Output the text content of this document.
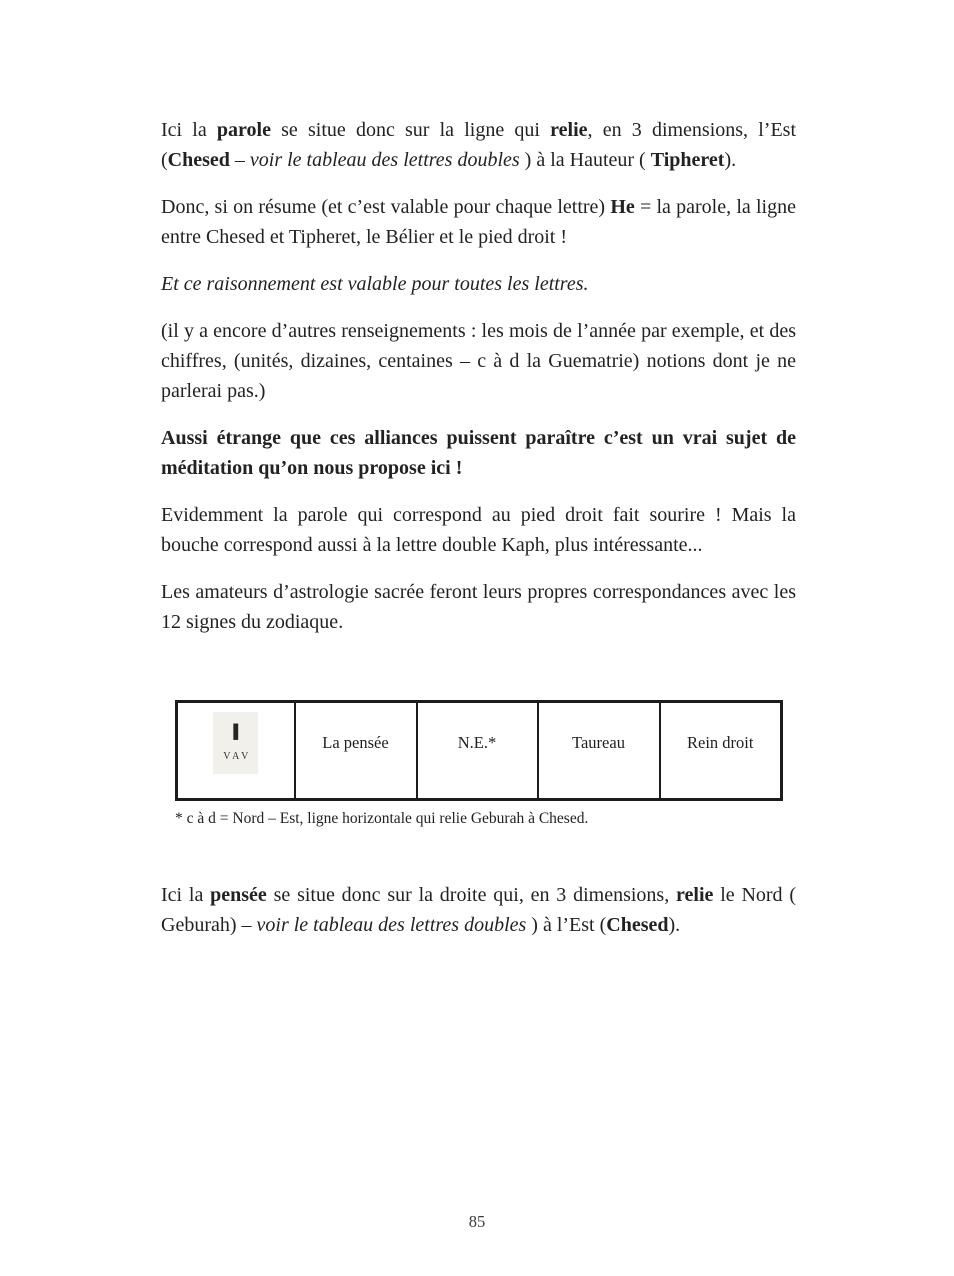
Ici la parole se situe donc sur la ligne qui relie, en 3 dimensions, l’Est (Chesed – voir le tableau des lettres doubles ) à la Hauteur ( Tipheret).

Donc, si on résume (et c’est valable pour chaque lettre) He = la parole, la ligne entre Chesed et Tipheret, le Bélier et le pied droit !

Et ce raisonnement est valable pour toutes les lettres.

(il y a encore d’autres renseignements : les mois de l’année par exemple, et des chiffres, (unités, dizaines, centaines – c à d la Guematrie) notions dont je ne parlerai pas.)

Aussi étrange que ces alliances puissent paraître c’est un vrai sujet de méditation qu’on nous propose ici !

Evidemment la parole qui correspond au pied droit fait sourire ! Mais la bouche correspond aussi à la lettre double Kaph, plus intéressante...

Les amateurs d’astrologie sacrée feront leurs propres correspondances avec les 12 signes du zodiaque.

ו
VAV
	La pensée	N.E.*	Taureau	Rein droit

* c à d = Nord – Est, ligne horizontale qui relie Geburah à Chesed.

Ici la pensée se situe donc sur la droite qui, en 3 dimensions, relie le Nord ( Geburah) – voir le tableau des lettres doubles ) à l’Est (Chesed).

85
